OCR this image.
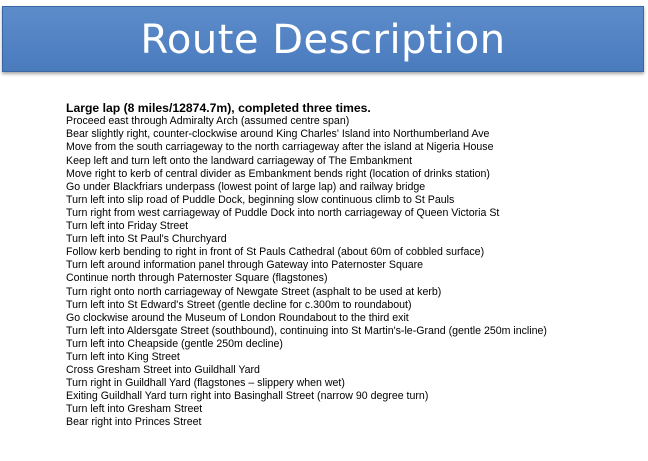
Route Description
Large lap (8 miles/12874.7m), completed three times.
Proceed east through Admiralty Arch (assumed centre span)
Bear slightly right, counter-clockwise around King Charles' Island into Northumberland Ave
Move from the south carriageway to the north carriageway after the island at Nigeria House
Keep left and turn left onto the landward carriageway of The Embankment
Move right to kerb of central divider as Embankment bends right (location of drinks station)
Go under Blackfriars underpass (lowest point of large lap) and railway bridge
Turn left into slip road of Puddle Dock, beginning slow continuous climb to St Pauls
Turn right from west carriageway of Puddle Dock into north carriageway of Queen Victoria St
Turn left into Friday Street
Turn left into St Paul's Churchyard
Follow kerb bending to right in front of St Pauls Cathedral (about 60m of cobbled surface)
Turn left around information panel through Gateway into Paternoster Square
Continue north through Paternoster Square (flagstones)
Turn right onto north carriageway of Newgate Street (asphalt to be used at kerb)
Turn left into St Edward's Street (gentle decline for c.300m to roundabout)
Go clockwise around the Museum of London Roundabout to the third exit
Turn left into Aldersgate Street (southbound), continuing into St Martin's-le-Grand (gentle 250m incline)
Turn left into Cheapside (gentle 250m decline)
Turn left into King Street
Cross Gresham Street into Guildhall Yard
Turn right in Guildhall Yard (flagstones – slippery when wet)
Exiting Guildhall Yard turn right into Basinghall Street (narrow 90 degree turn)
Turn left into Gresham Street
Bear right into Princes Street
